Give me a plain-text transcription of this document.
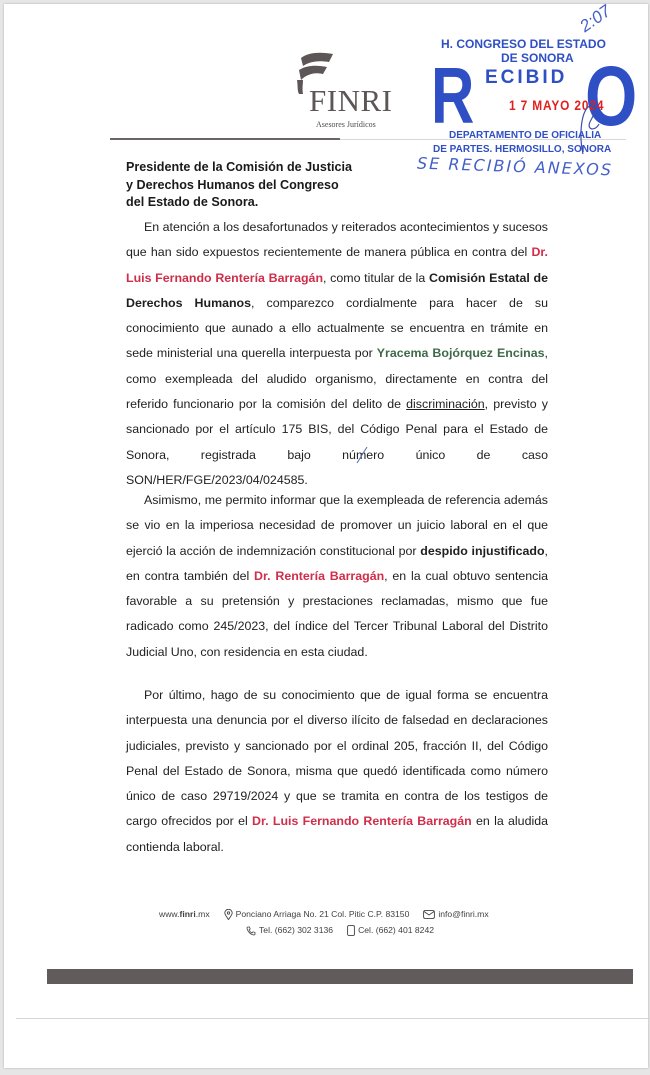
FINRI
Asesores Jurídicos
2:07
H. CONGRESO DEL ESTADO
DE SONORA
R ECIBID O
1 7 MAYO 2024
DEPARTAMENTO DE OFICIALIA
DE PARTES. HERMOSILLO, SONORA
SE RECIBIÓ ANEXOS
Presidente de la Comisión de Justicia
y Derechos Humanos del Congreso
del Estado de Sonora.
En atención a los desafortunados y reiterados acontecimientos y sucesos que han sido expuestos recientemente de manera pública en contra del Dr. Luis Fernando Rentería Barragán, como titular de la Comisión Estatal de Derechos Humanos, comparezco cordialmente para hacer de su conocimiento que aunado a ello actualmente se encuentra en trámite en sede ministerial una querella interpuesta por Yracema Bojórquez Encinas, como exempleada del aludido organismo, directamente en contra del referido funcionario por la comisión del delito de discriminación, previsto y sancionado por el artículo 175 BIS, del Código Penal para el Estado de Sonora, registrada bajo número único de caso SON/HER/FGE/2023/04/024585.
Asimismo, me permito informar que la exempleada de referencia además se vio en la imperiosa necesidad de promover un juicio laboral en el que ejerció la acción de indemnización constitucional por despido injustificado, en contra también del Dr. Rentería Barragán, en la cual obtuvo sentencia favorable a su pretensión y prestaciones reclamadas, mismo que fue radicado como 245/2023, del índice del Tercer Tribunal Laboral del Distrito Judicial Uno, con residencia en esta ciudad.
Por último, hago de su conocimiento que de igual forma se encuentra interpuesta una denuncia por el diverso ilícito de falsedad en declaraciones judiciales, previsto y sancionado por el ordinal 205, fracción II, del Código Penal del Estado de Sonora, misma que quedó identificada como número único de caso 29719/2024 y que se tramita en contra de los testigos de cargo ofrecidos por el Dr. Luis Fernando Rentería Barragán en la aludida contienda laboral.
www.finri.mx	Ponciano Arriaga No. 21 Col. Pitic C.P. 83150	info@finri.mx
Tel. (662) 302 3136	Cel. (662) 401 8242
